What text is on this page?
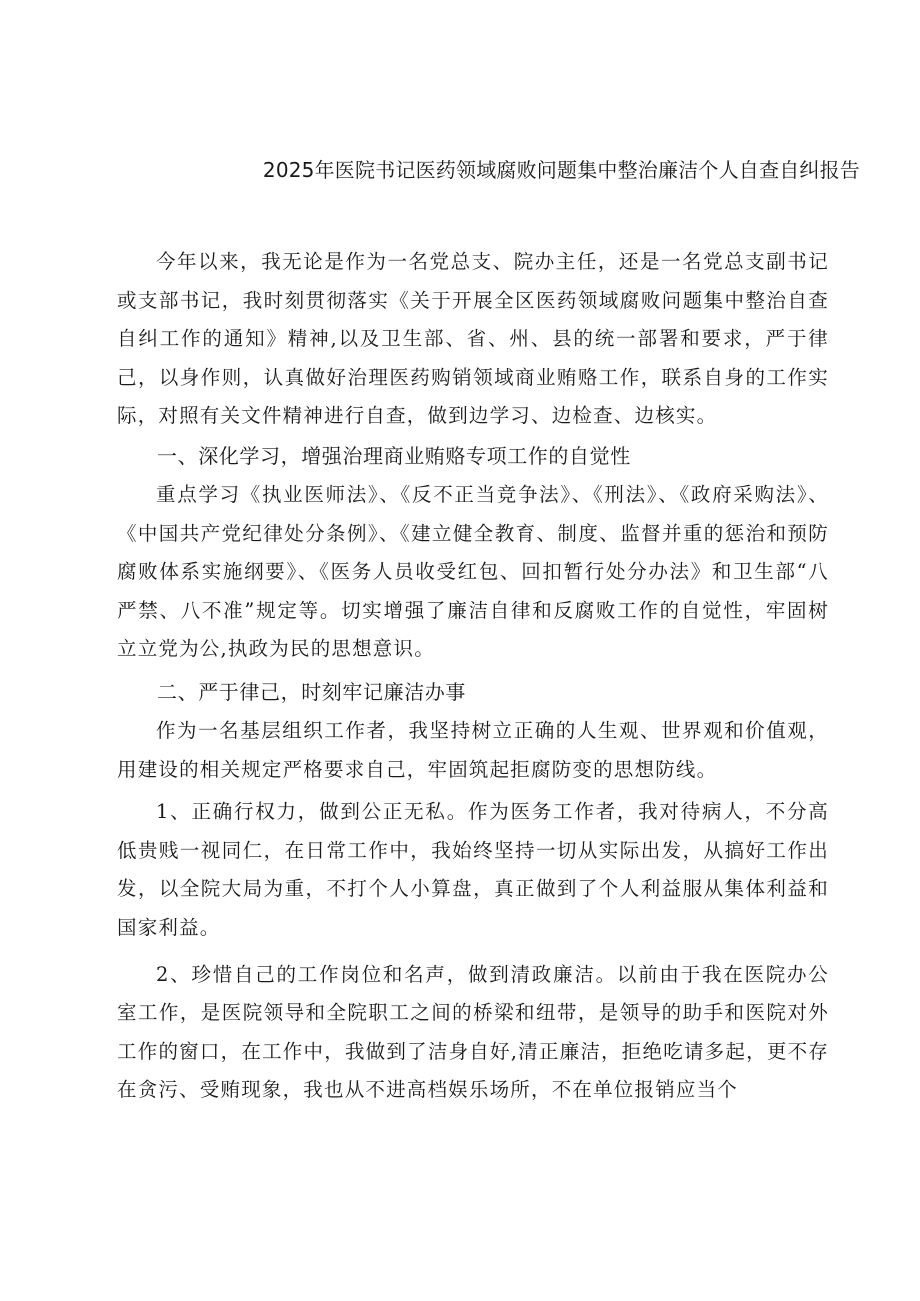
2025年医院书记医药领域腐败问题集中整治廉洁个人自查自纠报告

今年以来，我无论是作为一名党总支、院办主任，还是一名党总支副书记或支部书记，我时刻贯彻落实《关于开展全区医药领域腐败问题集中整治自查自纠工作的通知》精神,以及卫生部、省、州、县的统一部署和要求，严于律己，以身作则，认真做好治理医药购销领域商业贿赂工作，联系自身的工作实际，对照有关文件精神进行自查，做到边学习、边检查、边核实。

一、深化学习，增强治理商业贿赂专项工作的自觉性

重点学习《执业医师法》、《反不正当竞争法》、《刑法》、《政府采购法》、《中国共产党纪律处分条例》、《建立健全教育、制度、监督并重的惩治和预防腐败体系实施纲要》、《医务人员收受红包、回扣暂行处分办法》和卫生部“八严禁、八不准”规定等。切实增强了廉洁自律和反腐败工作的自觉性，牢固树立立党为公,执政为民的思想意识。

二、严于律己，时刻牢记廉洁办事

作为一名基层组织工作者，我坚持树立正确的人生观、世界观和价值观，用建设的相关规定严格要求自己，牢固筑起拒腐防变的思想防线。

1、正确行权力，做到公正无私。作为医务工作者，我对待病人，不分高低贵贱一视同仁，在日常工作中，我始终坚持一切从实际出发，从搞好工作出发，以全院大局为重，不打个人小算盘，真正做到了个人利益服从集体利益和国家利益。

2、珍惜自己的工作岗位和名声，做到清政廉洁。以前由于我在医院办公室工作，是医院领导和全院职工之间的桥梁和纽带，是领导的助手和医院对外工作的窗口，在工作中，我做到了洁身自好,清正廉洁，拒绝吃请多起，更不存在贪污、受贿现象，我也从不进高档娱乐场所，不在单位报销应当个
